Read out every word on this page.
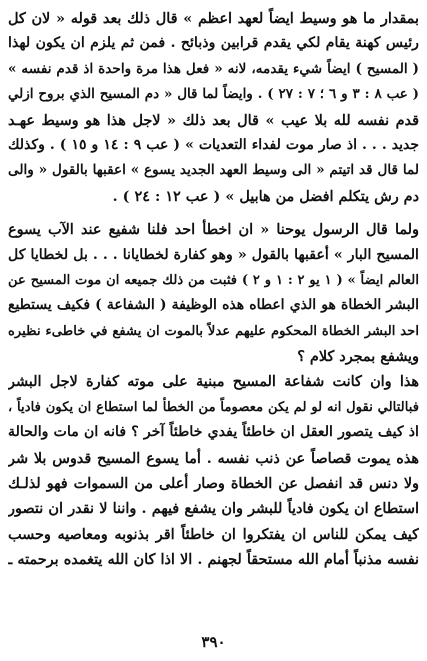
بمقدار ما هو وسيط ايضاً لعهد اعظم » قال ذلك بعد قوله « لان كل
رئيس كهنة يقام لكي يقدم قرابين وذبائح . فمن ثم يلزم ان يكون لهذا
( المسيح ) ايضاً شيء يقدمه، لانه « فعل هذا مرة واحدة اذ قدم نفسه »
( عب ٨ : ٣ و ٦ ؛ ٧ : ٢٧ ) . وايضاً لما قال « دم المسيح الذي بروح ازلي
قدم نفسه لله بلا عيب » قال بعد ذلك « لاجل هذا هو وسيط عهـد
جديد . . . اذ صار موت لفداء التعديات » ( عب ٩ : ١٤ و ١٥ ) . وكذلك
لما قال قد اتيتم « الى وسيط العهد الجديد يسوع » اعقبها بالقول « والى
دم رش يتكلم افضل من هابيل » ( عب ١٢ : ٢٤ ) .
ولما قال الرسول يوحنا « ان اخطأ احد فلنا شفيع عند الآب يسوع
المسيح البار » أعقبها بالقول « وهو كفارة لخطايانا . . . بل لخطايا كل
العالم ايضاً » ( ١ يو ٢ : ١ و ٢ ) فثبت من ذلك جميعه ان موت المسيح عن
البشر الخطاة هو الذي اعطاه هذه الوظيفة ( الشفاعة ) فكيف يستطيع
احد البشر الخطاة المحكوم عليهم عدلاً بالموت ان يشفع في خاطىء نظيره
ويشفع بمجرد كلام ؟
هذا وان كانت شفاعة المسيح مبنية على موته كفارة لاجل البشر
فبالتالي نقول انه لو لم يكن معصوماً من الخطأ لما استطاع ان يكون فادياً ،
اذ كيف يتصور العقل ان خاطئاً يفدي خاطئاً آخر ؟ فانه ان مات والحالة
هذه يموت قصاصاً عن ذنب نفسه . أما يسوع المسيح قدوس بلا شر
ولا دنس قد انفصل عن الخطاة وصار أعلى من السموات فهو لذلـك
استطاع ان يكون فادياً للبشر وان يشفع فيهم . واننا لا نقدر ان نتصور
كيف يمكن للناس ان يفتكروا ان خاطئاً اقر بذنوبه ومعاصيه وحسب
نفسه مذنباً أمام الله مستحقاً لجهنم . الا اذا كان الله يتغمده برحمته ـ
٣٩٠
